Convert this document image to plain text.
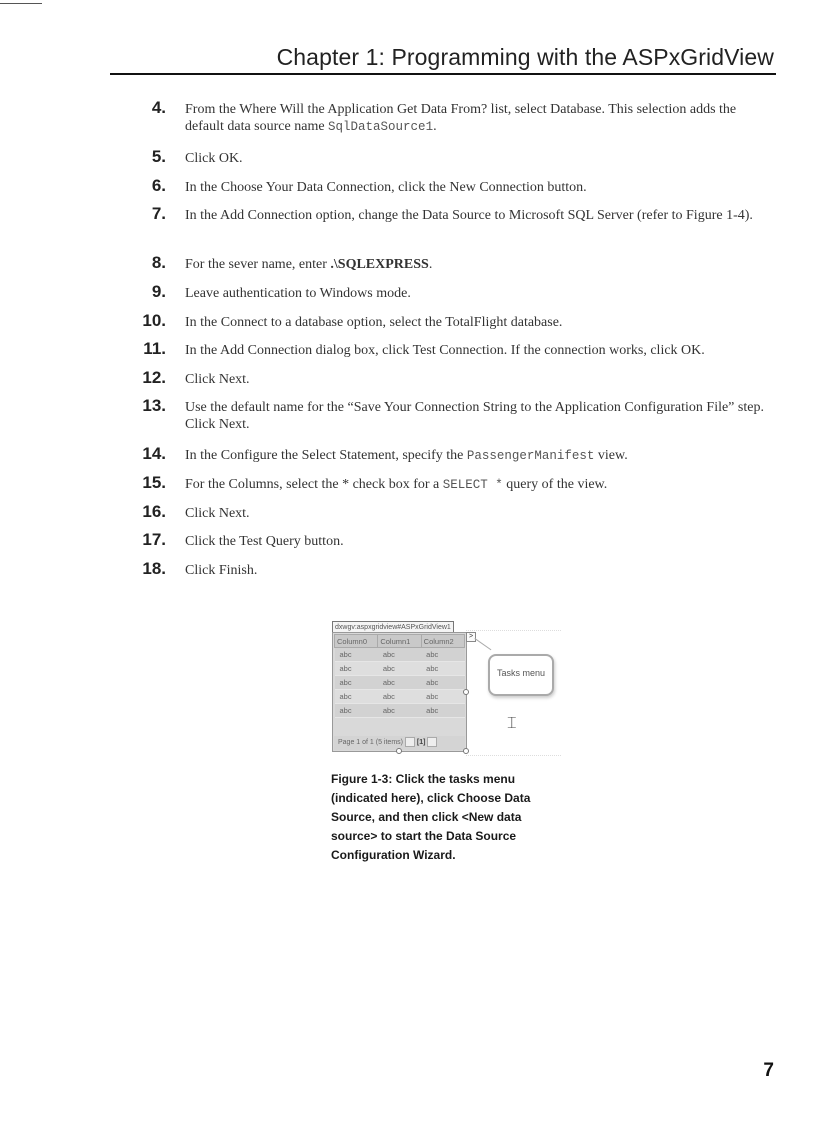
Chapter 1: Programming with the ASPxGridView
4. From the Where Will the Application Get Data From? list, select Database. This selection adds the default data source name SqlDataSource1.
5. Click OK.
6. In the Choose Your Data Connection, click the New Connection button.
7. In the Add Connection option, change the Data Source to Microsoft SQL Server (refer to Figure 1-4).
8. For the sever name, enter .\SQLEXPRESS.
9. Leave authentication to Windows mode.
10. In the Connect to a database option, select the TotalFlight database.
11. In the Add Connection dialog box, click Test Connection. If the connection works, click OK.
12. Click Next.
13. Use the default name for the “Save Your Connection String to the Application Configuration File” step. Click Next.
14. In the Configure the Select Statement, specify the PassengerManifest view.
15. For the Columns, select the * check box for a SELECT * query of the view.
16. Click Next.
17. Click the Test Query button.
18. Click Finish.
dxwgv:aspxgridview#ASPxGridView1
Column0	Column1	Column2
abc	abc	abc
abc	abc	abc
abc	abc	abc
abc	abc	abc
abc	abc	abc
Page 1 of 1 (5 items) [1]
>
Tasks menu
⌶
Figure 1-3: Click the tasks menu (indicated here), click Choose Data Source, and then click <New data source> to start the Data Source Configuration Wizard.
7
